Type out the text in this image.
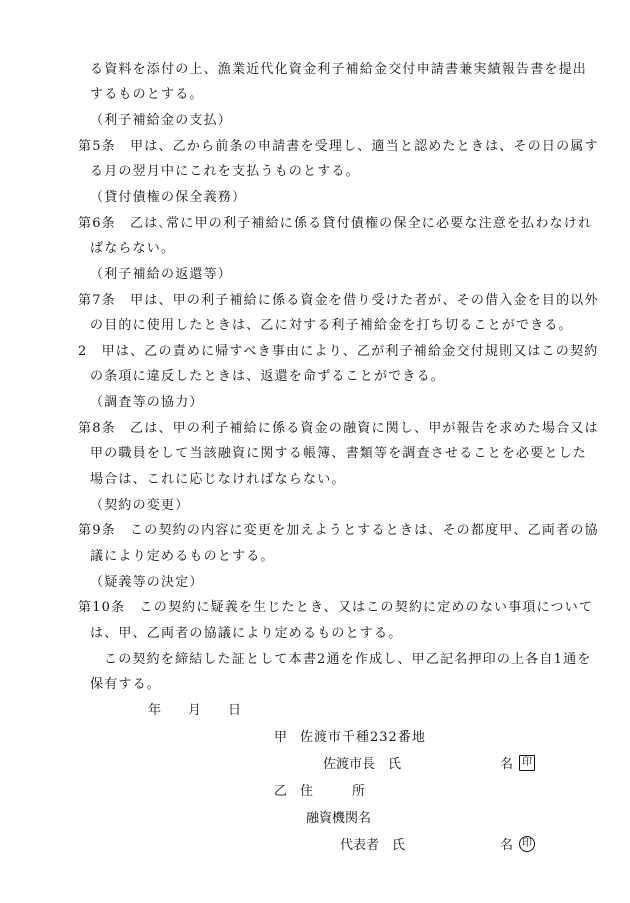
る資料を添付の上、漁業近代化資金利子補給金交付申請書兼実績報告書を提出
するものとする。
（利子補給金の支払）
第5条　甲は、乙から前条の申請書を受理し、適当と認めたときは、その日の属す
る月の翌月中にこれを支払うものとする。
（貸付債権の保全義務）
第6条　乙は､常に甲の利子補給に係る貸付債権の保全に必要な注意を払わなけれ
ばならない。
（利子補給の返還等）
第7条　甲は、甲の利子補給に係る資金を借り受けた者が、その借入金を目的以外
の目的に使用したときは、乙に対する利子補給金を打ち切ることができる。
2　甲は、乙の責めに帰すべき事由により、乙が利子補給金交付規則又はこの契約
の条項に違反したときは、返還を命ずることができる。
（調査等の協力）
第8条　乙は、甲の利子補給に係る資金の融資に関し、甲が報告を求めた場合又は
甲の職員をして当該融資に関する帳簿、書類等を調査させることを必要とした
場合は、これに応じなければならない。
（契約の変更）
第9条　この契約の内容に変更を加えようとするときは、その都度甲、乙両者の協
議により定めるものとする。
（疑義等の決定）
第10条　この契約に疑義を生じたとき、又はこの契約に定めのない事項について
は、甲、乙両者の協議により定めるものとする。
この契約を締結した証として本書2通を作成し、甲乙記名押印の上各自1通を
保有する。
年 月 日
甲 佐渡市千種232番地
佐渡市長　氏	名 印
乙 住　　　所
融資機関名
代表者　氏	名 印
